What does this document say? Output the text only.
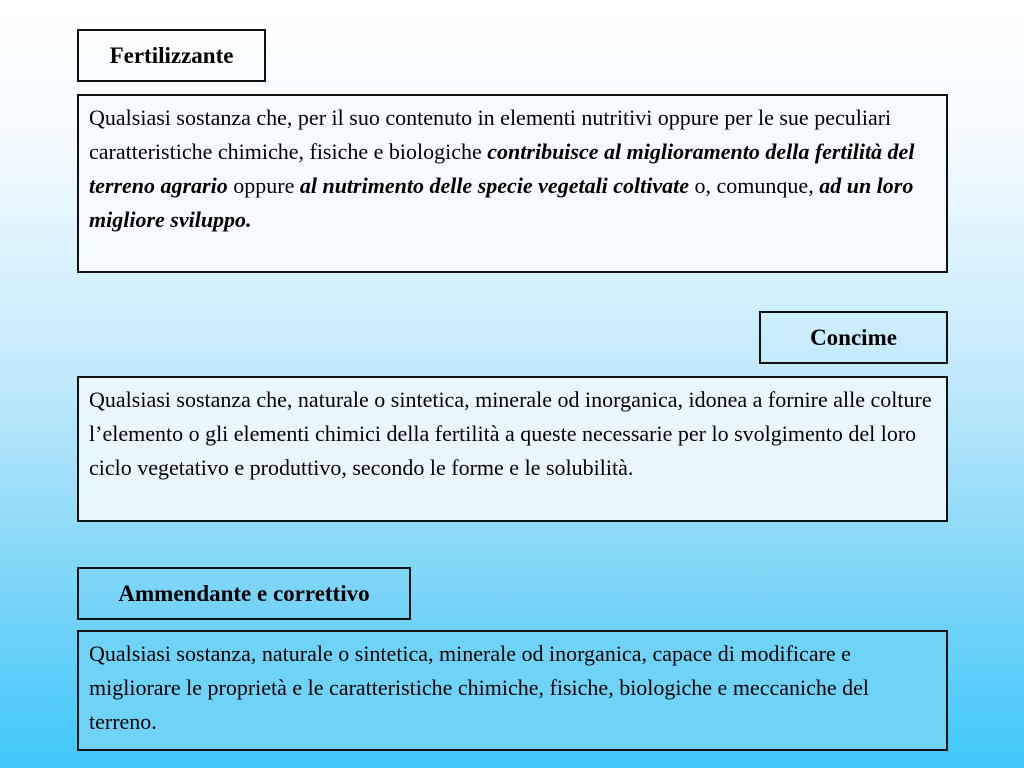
Fertilizzante
Qualsiasi sostanza che, per il suo contenuto in elementi nutritivi oppure per le sue peculiari caratteristiche chimiche, fisiche e biologiche contribuisce al miglioramento della fertilità del terreno agrario oppure al nutrimento delle specie vegetali coltivate o, comunque, ad un loro migliore sviluppo.
Concime
Qualsiasi sostanza che, naturale o sintetica, minerale od inorganica, idonea a fornire alle colture l’elemento o gli elementi chimici della fertilità a queste necessarie per lo svolgimento del loro ciclo vegetativo e produttivo, secondo le forme e le solubilità.
Ammendante e correttivo
Qualsiasi sostanza, naturale o sintetica, minerale od inorganica, capace di modificare e migliorare le proprietà e le caratteristiche chimiche, fisiche, biologiche e meccaniche del terreno.
